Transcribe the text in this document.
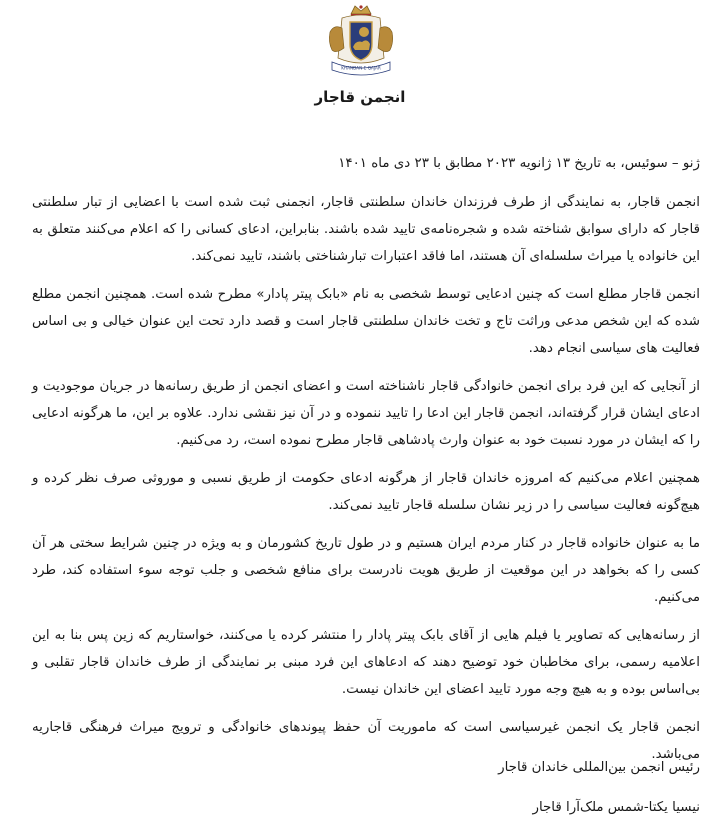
KHANDAN-E QAJAR
انجمن قاجار

ژنو – سوئیس، به تاریخ ۱۳ ژانویه ۲۰۲۳ مطابق با ۲۳ دی ماه ۱۴۰۱

انجمن قاجار، به نمایندگی از طرف فرزندان خاندان سلطنتی قاجار، انجمنی ثبت شده است با اعضایی از تبار سلطنتی قاجار که دارای سوابق شناخته شده و شجره‌نامه‌ی تایید شده باشند. بنابراین، ادعای کسانی را که اعلام می‌کنند متعلق به این خانواده یا میراث سلسله‌ای آن هستند، اما فاقد اعتبارات تبارشناختی باشند، تایید نمی‌کند.

انجمن قاجار مطلع است که چنین ادعایی توسط شخصی به نام «بابک پیتر پادار» مطرح شده است. همچنین انجمن مطلع شده که این شخص مدعی وراثت تاج و تخت خاندان سلطنتی قاجار است و قصد دارد تحت این عنوان خیالی و بی اساس فعالیت های سیاسی انجام دهد.

از آنجایی که این فرد برای انجمن خانوادگی قاجار ناشناخته است و اعضای انجمن از طریق رسانه‌ها در جریان موجودیت و ادعای ایشان قرار گرفته‌اند، انجمن قاجار این ادعا را تایید ننموده و در آن نیز نقشی ندارد. علاوه بر این، ما هرگونه ادعایی را که ایشان در مورد نسبت خود به عنوان وارث پادشاهی قاجار مطرح نموده است، رد می‌کنیم.

همچنین اعلام می‌کنیم که امروزه خاندان قاجار از هرگونه ادعای حکومت از طریق نسبی و موروثی صرف نظر کرده و هیچ‌گونه فعالیت سیاسی را در زیر نشان سلسله قاجار تایید نمی‌کند.

ما به عنوان خانواده قاجار در کنار مردم ایران هستیم و در طول تاریخ کشورمان و به ویژه در چنین شرایط سختی هر آن کسی را که بخواهد در این موقعیت از طریق هویت نادرست برای منافع شخصی و جلب توجه سوء استفاده کند، طرد می‌کنیم.

از رسانه‌هایی که تصاویر یا فیلم هایی از آقای بابک پیتر پادار را منتشر کرده یا می‌کنند، خواستاریم که زین پس بنا به این اعلامیه رسمی، برای مخاطبان خود توضیح دهند که ادعاهای این فرد مبنی بر نمایندگی از طرف خاندان قاجار تقلبی و بی‌اساس بوده و به هیچ وجه مورد تایید اعضای این خاندان نیست.

انجمن قاجار یک انجمن غیرسیاسی است که ماموریت آن حفظ پیوندهای خانوادگی و ترویج میراث فرهنگی قاجاریه می‌باشد.

رئیس انجمن بین‌المللی خاندان قاجار
نیسیا یکتا-شمس ملک‌آرا قاجار
